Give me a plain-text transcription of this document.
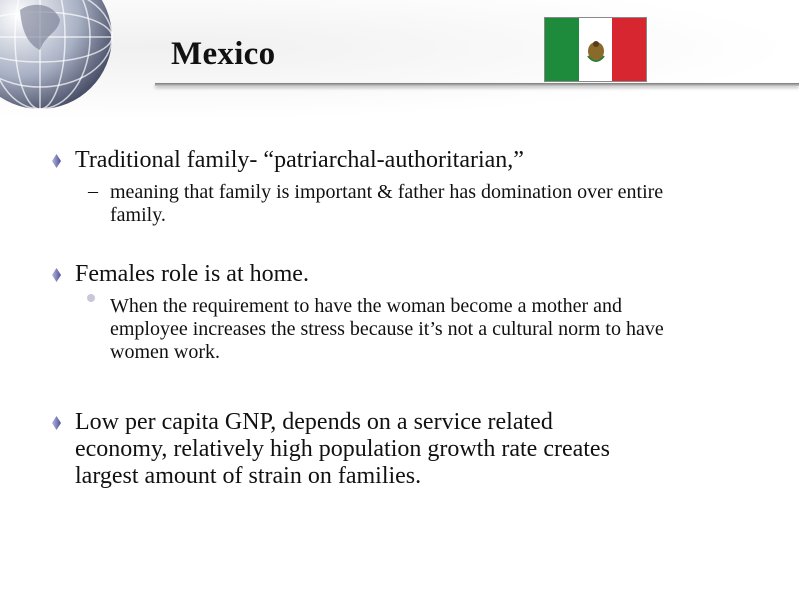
Mexico
Traditional family- “patriarchal-authoritarian,”
– meaning that family is important & father has domination over entire family.
Females role is at home.
When the requirement to have the woman become a mother and employee increases the stress because it’s not a cultural norm to have women work.
Low per capita GNP, depends on a service related economy, relatively high population growth rate creates largest amount of strain on families.
